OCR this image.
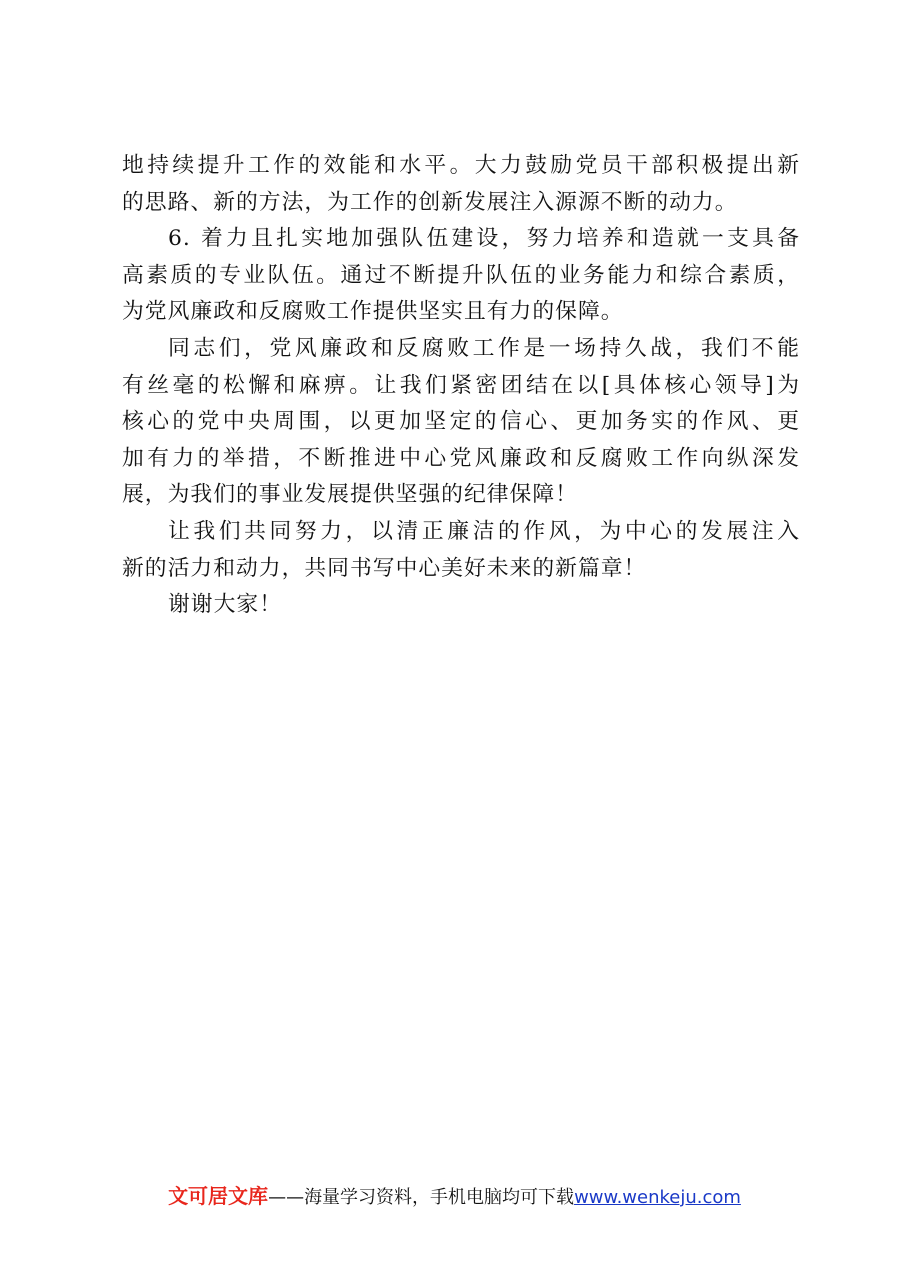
地持续提升工作的效能和水平。大力鼓励党员干部积极提出新
的思路、新的方法，为工作的创新发展注入源源不断的动力。
6. 着力且扎实地加强队伍建设，努力培养和造就一支具备
高素质的专业队伍。通过不断提升队伍的业务能力和综合素质，
为党风廉政和反腐败工作提供坚实且有力的保障。
同志们，党风廉政和反腐败工作是一场持久战，我们不能
有丝毫的松懈和麻痹。让我们紧密团结在以[具体核心领导]为
核心的党中央周围，以更加坚定的信心、更加务实的作风、更
加有力的举措，不断推进中心党风廉政和反腐败工作向纵深发
展，为我们的事业发展提供坚强的纪律保障！
让我们共同努力，以清正廉洁的作风，为中心的发展注入
新的活力和动力，共同书写中心美好未来的新篇章！
谢谢大家！
文可居文库——海量学习资料，手机电脑均可下载www.wenkeju.com
